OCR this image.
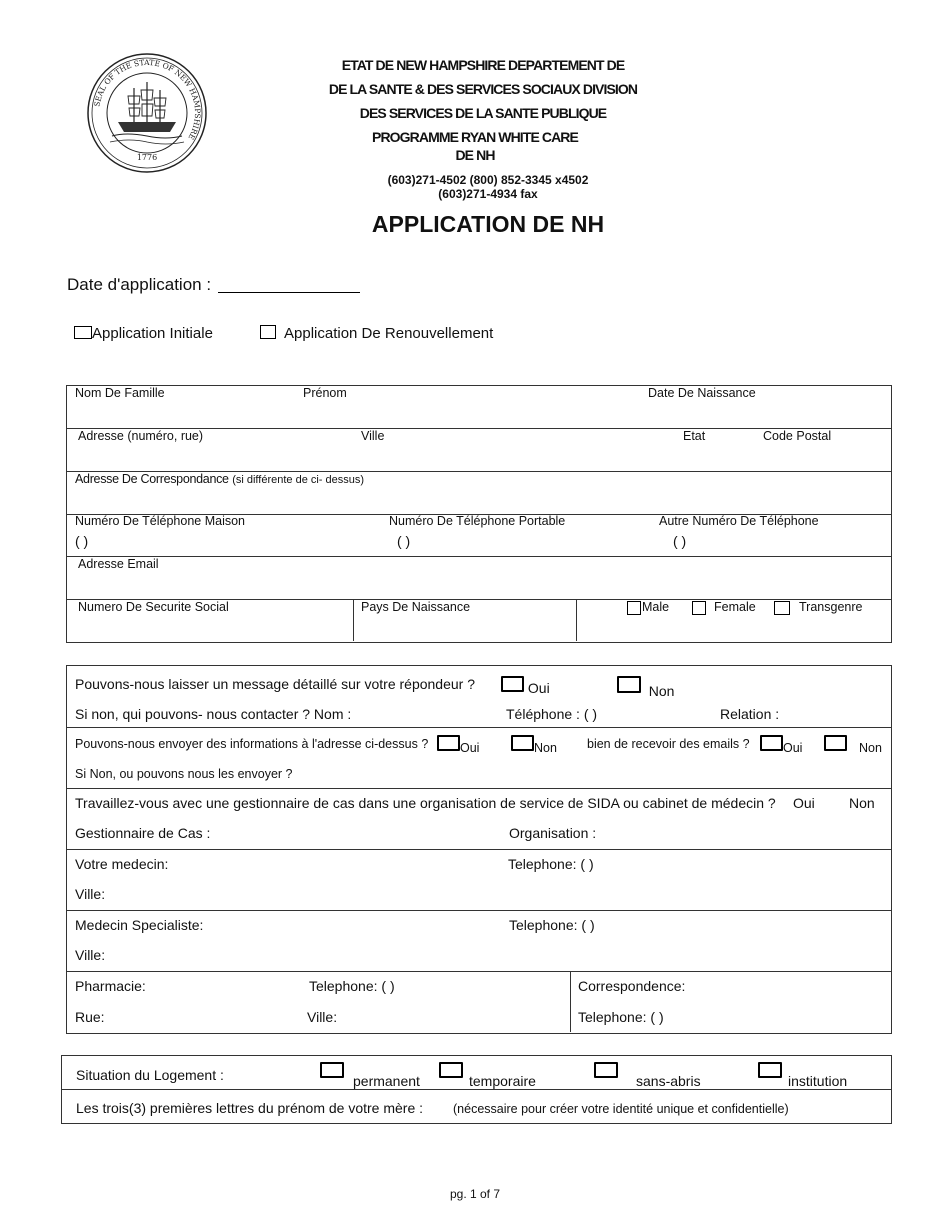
SEAL OF THE STATE OF NEW HAMPSHIRE
1776
ETAT DE NEW HAMPSHIRE DEPARTEMENT DE
DE LA SANTE & DES SERVICES SOCIAUX DIVISION
DES SERVICES DE LA SANTE PUBLIQUE
PROGRAMME RYAN WHITE CARE
DE NH
(603)271-4502 (800) 852-3345 x4502
(603)271-4934 fax
APPLICATION DE NH
Date d'application :
Application Initiale	Application De Renouvellement
Nom De Famille	Prénom	Date De Naissance
Adresse (numéro, rue)	Ville	Etat	Code Postal
Adresse De Correspondance (si différente de ci- dessus)
Numéro De Téléphone Maison
( )
Numéro De Téléphone Portable
( )
Autre Numéro De Téléphone
( )
Adresse Email
Numero De Securite Social	Pays De Naissance	Male	Female	Transgenre
Pouvons-nous laisser un message détaillé sur votre répondeur ?	Oui	Non
Si non, qui pouvons- nous contacter ? Nom :	Téléphone : ( )	Relation :
Pouvons-nous envoyer des informations à l'adresse ci-dessus ?	Oui	Non bien de recevoir des emails ?	Oui	Non
Si Non, ou pouvons nous les envoyer ?
Travaillez-vous avec une gestionnaire de cas dans une organisation de service de SIDA ou cabinet de médecin ? Oui Non
Gestionnaire de Cas :	Organisation :
Votre medecin:	Telephone: ( )
Ville:
Medecin Specialiste:	Telephone: ( )
Ville:
Pharmacie:	Telephone: ( )	Correspondence:
Rue:	Ville:	Telephone: ( )
Situation du Logement :	permanent	temporaire	sans-abris	institution
Les trois(3) premières lettres du prénom de votre mère : (nécessaire pour créer votre identité unique et confidentielle)
pg. 1 of 7
